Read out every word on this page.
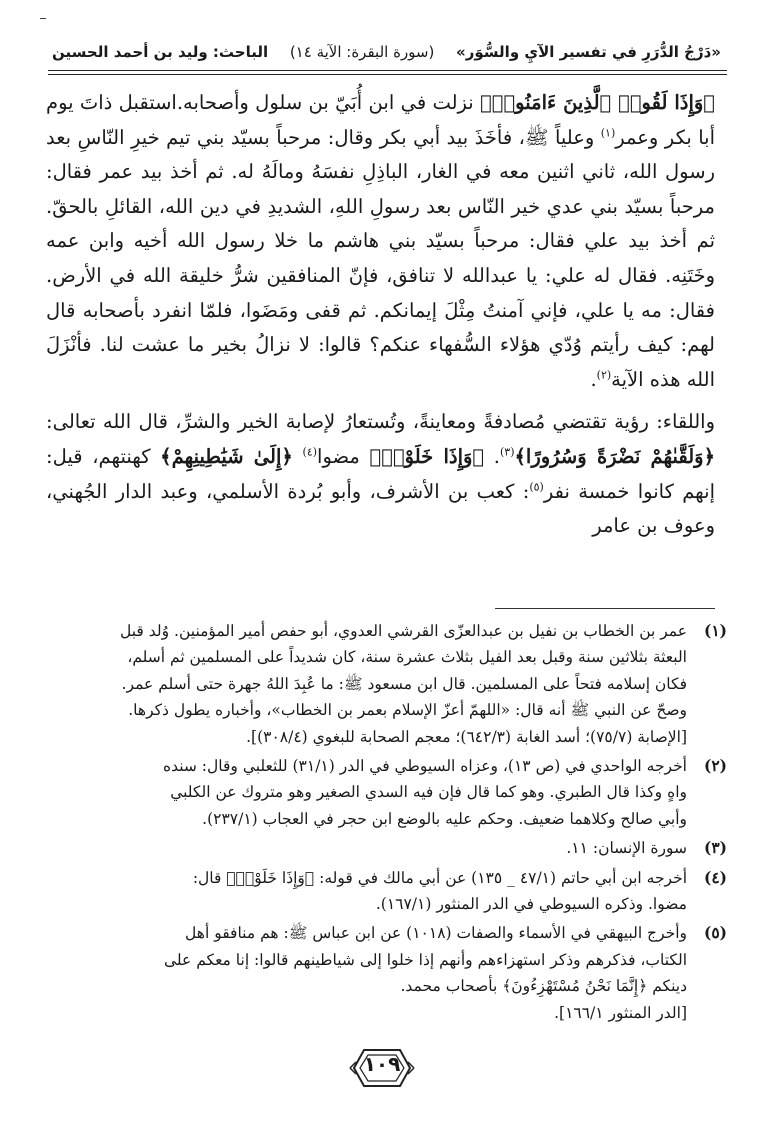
«دَرْجُ الدُّرَرِ في تفسير الآيِ والسُّوَر»
(سورة البقرة: الآية ١٤)
الباحث: وليد بن أحمد الحسين

﴿وَإِذَا لَقُوا۟ ٱلَّذِينَ ءَامَنُوا۟﴾ نزلت في ابن أُبَيّ بن سلول وأصحابه.استقبل ذاتَ يوم أبا بكر وعمر$^{(١)}$ وعلياً ﷺ، فأخَذَ بيد أبي بكر وقال: مرحباً بسيّد بني تيم خيرِ النّاسِ بعد رسول الله، ثاني اثنين معه في الغار، الباذِلِ نفسَهُ ومالَهُ له. ثم أخذ بيد عمر فقال: مرحباً بسيّد بني عدي خير النّاس بعد رسولِ اللهِ، الشديدِ في دين الله، القائلِ بالحقّ. ثم أخذ بيد علي فقال: مرحباً بسيّد بني هاشم ما خلا رسول الله أخيه وابن عمه وخَتَنِه. فقال له علي: يا عبدالله لا تنافق، فإنّ المنافقين شرُّ خليقة الله في الأرض. فقال: مه يا علي، فإني آمنتُ مِثْلَ إيمانكم. ثم قفى ومَضَوا، فلمّا انفرد بأصحابه قال لهم: كيف رأيتم وُدّي هؤلاء السُّفهاء عنكم؟ قالوا: لا نزالُ بخير ما عشت لنا. فأنْزَلَ الله هذه الآية$^{(٢)}$.

واللقاء: رؤية تقتضي مُصادفةً ومعاينةً، وتُستعارُ لإصابة الخير والشرِّ، قال الله تعالى: ﴿وَلَقَّىٰهُمْ نَضْرَةً وَسُرُورًا﴾$^{(٣)}$. ﴿وَإِذَا خَلَوْا۟﴾ مضوا$^{(٤)}$ ﴿إِلَىٰ شَيَٰطِينِهِمْ﴾ كهنتهم، قيل: إنهم كانوا خمسة نفر$^{(٥)}$: كعب بن الأشرف، وأبو بُردة الأسلمي، وعبد الدار الجُهني، وعوف بن عامر

(١)
عمر بن الخطاب بن نفيل بن عبدالعزّى القرشي العدوي، أبو حفص أمير المؤمنين. وُلد قبل
البعثة بثلاثين سنة وقبل بعد الفيل بثلاث عشرة سنة، كان شديداً على المسلمين ثم أسلم،
فكان إسلامه فتحاً على المسلمين. قال ابن مسعود ﷺ: ما عُبِدَ اللهُ جهرة حتى أسلم عمر.
وصحّ عن النبي ﷺ أنه قال: «اللهمّ أعزّ الإسلام بعمر بن الخطاب»، وأخباره يطول ذكرها.
[الإصابة (٧٥/٧)؛ أسد الغابة (٦٤٢/٣)؛ معجم الصحابة للبغوي (٣٠٨/٤)].
(٢)
أخرجه الواحدي في (ص ١٣)، وعزاه السيوطي في الدر (٣١/١) للثعلبي وقال: سنده
واهٍ وكذا قال الطبري. وهو كما قال فإن فيه السدي الصغير وهو متروك عن الكلبي
وأبي صالح وكلاهما ضعيف. وحكم عليه بالوضع ابن حجر في العجاب (٢٣٧/١).
(٣)
سورة الإنسان: ١١.
(٤)
أخرجه ابن أبي حاتم (٤٧/١ _ ١٣٥) عن أبي مالك في قوله: ﴿وَإِذَا خَلَوْا۟﴾ قال:
مضوا. وذكره السيوطي في الدر المنثور (١٦٧/١).
(٥)
وأخرج البيهقي في الأسماء والصفات (١٠١٨) عن ابن عباس ﷺ: هم منافقو أهل
الكتاب، فذكرهم وذكر استهزاءهم وأنهم إذا خلوا إلى شياطينهم قالوا: إنا معكم على
دينكم ﴿إِنَّمَا نَحْنُ مُسْتَهْزِءُونَ﴾ بأصحاب محمد.
[الدر المنثور ١٦٦/١].
١٠٩
